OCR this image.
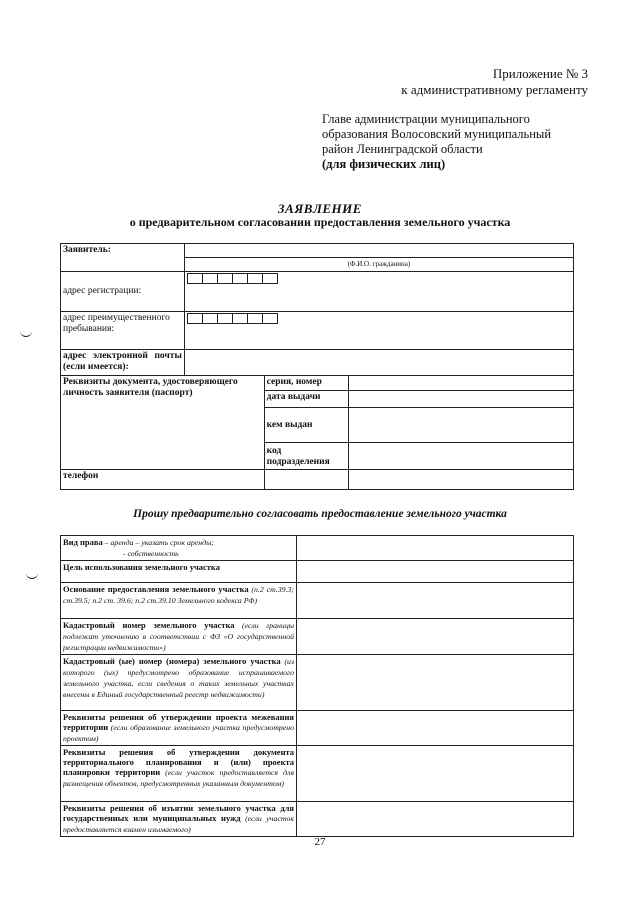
Приложение № 3
к административному регламенту
Главе администрации муниципального
образования Волосовский муниципальный
район Ленинградской области
(для физических лиц)
ЗАЯВЛЕНИЕ
о предварительном согласовании предоставления земельного участка
Заявитель:	(Ф.И.О. гражданина)		

адрес регистрации:			

адрес преимущественного пребывания:			

адрес электронной почты (если имеется):			
Реквизиты документа, удостоверяющего личность заявителя (паспорт)		серия, номер	
		дата выдачи	
		кем выдан	
		код подразделения	
телефон			
Прошу предварительно согласовать предоставление земельного участка
Вид права – аренда – указать срок аренды;
- собственность	
Цель использования земельного участка	
Основание предоставления земельного участка (п.2 ст.39.3; ст.39.5; п.2 ст. 39.6; п.2 ст.39.10 Земельного кодекса РФ)	
Кадастровый номер земельного участка (если границы подлежат уточнению в соответствии с ФЗ «О государственной регистрации недвижимости»)	
Кадастровый (ые) номер (номера) земельного участка (из которого (ых) предусмотрено образование испрашиваемого земельного участка, если сведения о таких земельных участках внесены в Единый государственный реестр недвижимости)	
Реквизиты решения об утверждении проекта межевания территории (если образование земельного участка предусмотрено проектом)	
Реквизиты решения об утверждении документа территориального планирования и (или) проекта планировки территории (если участок предоставляется для размещения объектов, предусмотренных указанным документом)	
Реквизиты решения об изъятии земельного участка для государственных или муниципальных нужд (если участок предоставляется взамен изымаемого)	
27
